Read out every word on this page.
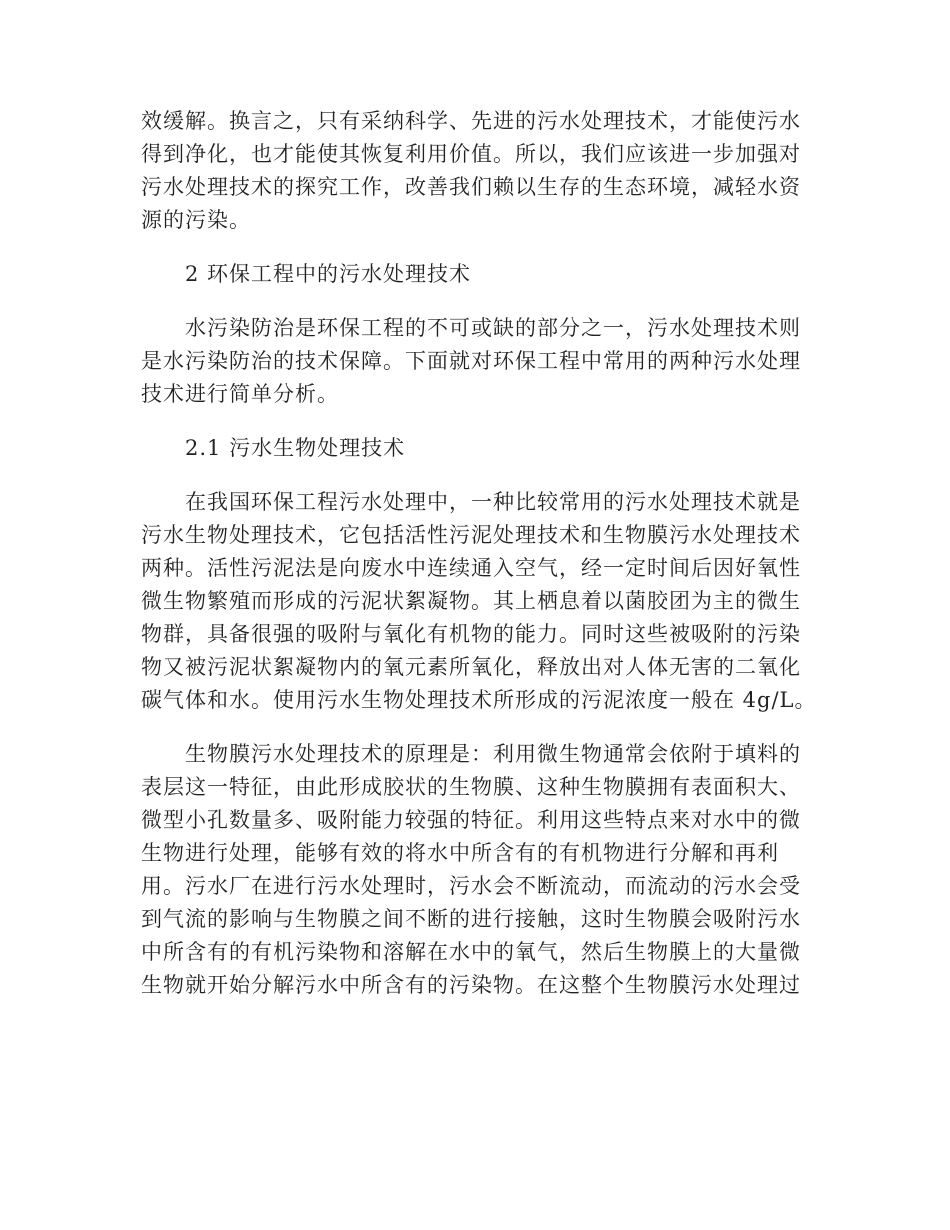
效缓解。换言之，只有采纳科学、先进的污水处理技术，才能使污水
得到净化，也才能使其恢复利用价值。所以，我们应该进一步加强对
污水处理技术的探究工作，改善我们赖以生存的生态环境，减轻水资
源的污染。
2 环保工程中的污水处理技术
水污染防治是环保工程的不可或缺的部分之一，污水处理技术则
是水污染防治的技术保障。下面就对环保工程中常用的两种污水处理
技术进行简单分析。
2.1 污水生物处理技术
在我国环保工程污水处理中，一种比较常用的污水处理技术就是
污水生物处理技术，它包括活性污泥处理技术和生物膜污水处理技术
两种。活性污泥法是向废水中连续通入空气，经一定时间后因好氧性
微生物繁殖而形成的污泥状絮凝物。其上栖息着以菌胶团为主的微生
物群，具备很强的吸附与氧化有机物的能力。同时这些被吸附的污染
物又被污泥状絮凝物内的氧元素所氧化，释放出对人体无害的二氧化
碳气体和水。使用污水生物处理技术所形成的污泥浓度一般在 4g/L。
生物膜污水处理技术的原理是：利用微生物通常会依附于填料的
表层这一特征，由此形成胶状的生物膜、这种生物膜拥有表面积大、
微型小孔数量多、吸附能力较强的特征。利用这些特点来对水中的微
生物进行处理，能够有效的将水中所含有的有机物进行分解和再利
用。污水厂在进行污水处理时，污水会不断流动，而流动的污水会受
到气流的影响与生物膜之间不断的进行接触，这时生物膜会吸附污水
中所含有的有机污染物和溶解在水中的氧气，然后生物膜上的大量微
生物就开始分解污水中所含有的污染物。在这整个生物膜污水处理过
